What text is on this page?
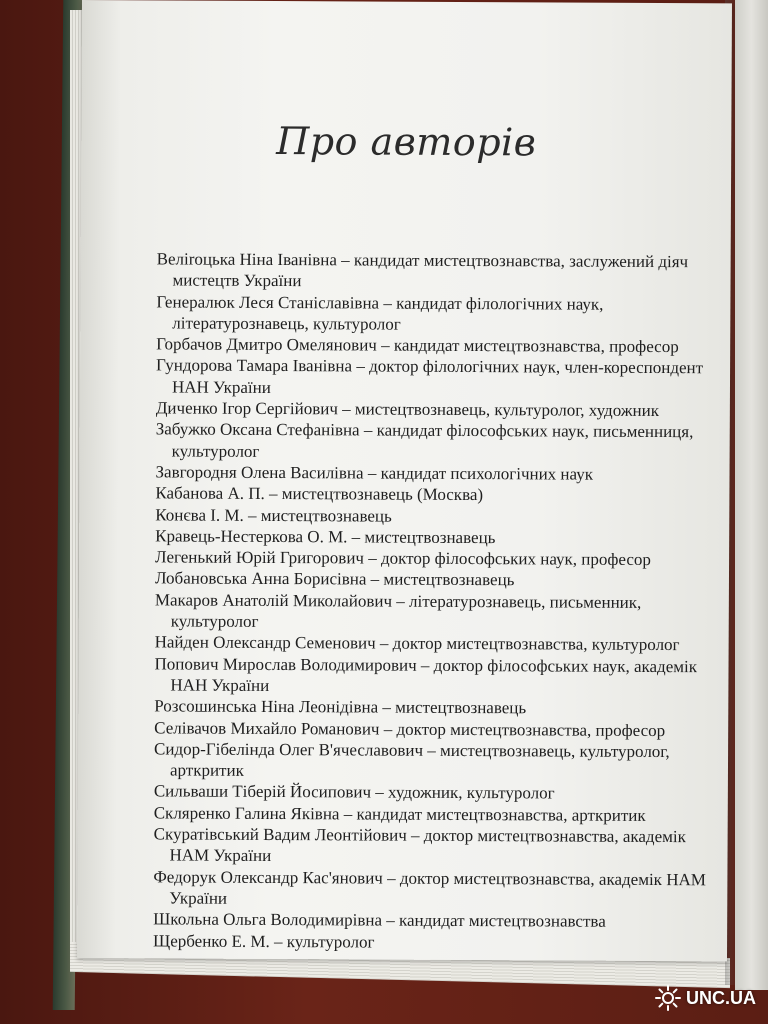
Про авторів
Веліrоцька Ніна Іванівна – кандидат мистецтвознавства, заслужений діяч мистецтв України
Генералюк Леся Станіславівна – кандидат філологічних наук, літературознавець, культуролог
Горбачов Дмитро Омелянович – кандидат мистецтвознавства, професор
Гундорова Тамара Іванівна – доктор філологічних наук, член-кореспондент НАН України
Диченко Ігор Сергійович – мистецтвознавець, культуролог, художник
Забужко Оксана Стефанівна – кандидат філософських наук, письменниця, культуролог
Завгородня Олена Василівна – кандидат психологічних наук
Кабанова А. П. – мистецтвознавець (Москва)
Конєва І. М. – мистецтвознавець
Кравець-Нестеркова О. М. – мистецтвознавець
Легенький Юрій Григорович – доктор філософських наук, професор
Лобановська Анна Борисівна – мистецтвознавець
Макаров Анатолій Миколайович – літературознавець, письменник, культуролог
Найден Олександр Семенович – доктор мистецтвознавства, культуролог
Попович Мирослав Володимирович – доктор філософських наук, академік НАН України
Розсошинська Ніна Леонідівна – мистецтвознавець
Селівачов Михайло Романович – доктор мистецтвознавства, професор
Сидор-Гібелінда Олег В'ячеславович – мистецтвознавець, культуролог, арткритик
Сильваши Тіберій Йосипович – художник, культуролог
Скляренко Галина Яківна – кандидат мистецтвознавства, арткритик
Скуратівський Вадим Леонтійович – доктор мистецтвознавства, академік НАМ України
Федорук Олександр Кас'янович – доктор мистецтвознавства, академік НАМ України
Школьна Ольга Володимирівна – кандидат мистецтвознавства
Щербенко Е. М. – культуролог
UNC.UA
